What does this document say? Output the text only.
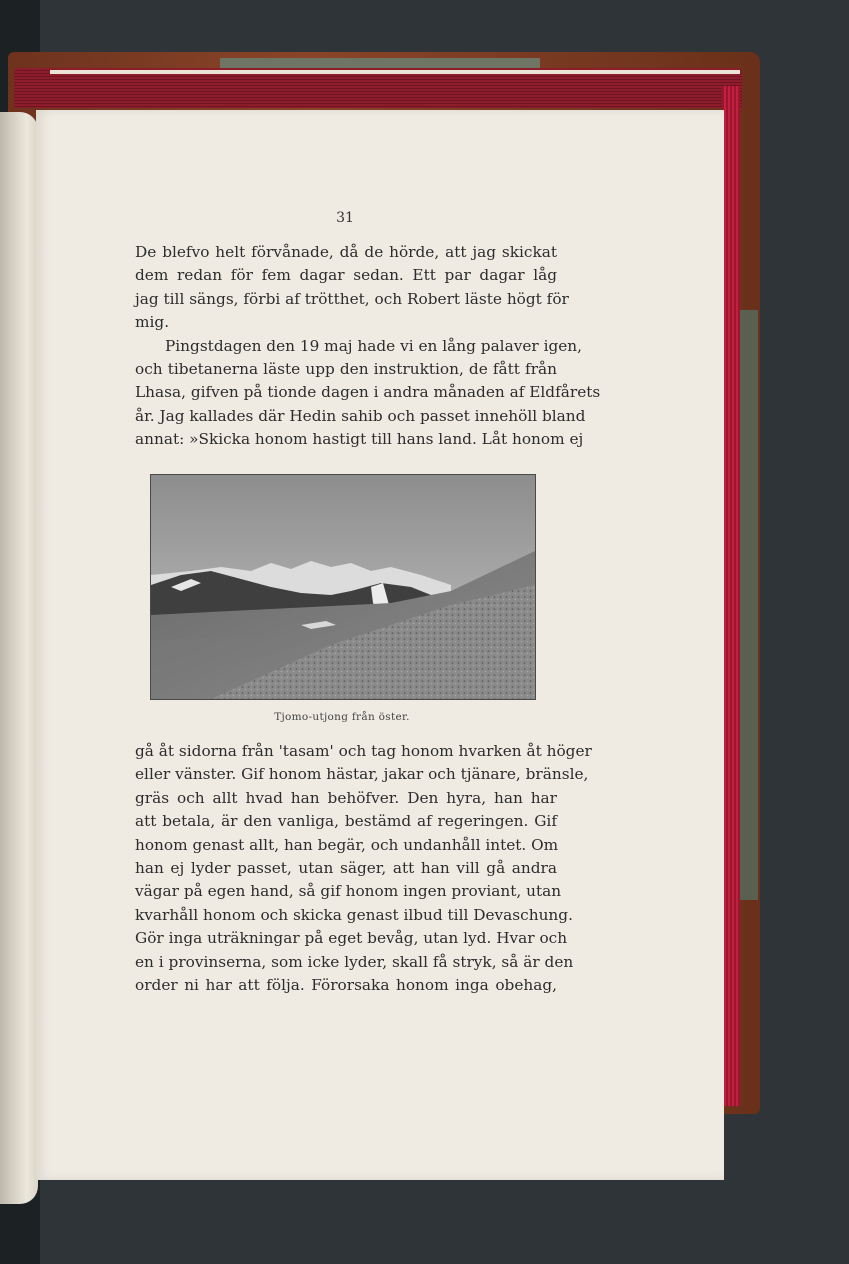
31
De blefvo helt förvånade, då de hörde, att jag skickat
dem redan för fem dagar sedan. Ett par dagar låg
jag till sängs, förbi af trötthet, och Robert läste högt för
mig.
Pingstdagen den 19 maj hade vi en lång palaver igen,
och tibetanerna läste upp den instruktion, de fått från
Lhasa, gifven på tionde dagen i andra månaden af Eldfårets
år. Jag kallades där Hedin sahib och passet innehöll bland
annat: »Skicka honom hastigt till hans land. Låt honom ej
Tjomo-utjong från öster.
gå åt sidorna från 'tasam' och tag honom hvarken åt höger
eller vänster. Gif honom hästar, jakar och tjänare, bränsle,
gräs och allt hvad han behöfver. Den hyra, han har
att betala, är den vanliga, bestämd af regeringen. Gif
honom genast allt, han begär, och undanhåll intet. Om
han ej lyder passet, utan säger, att han vill gå andra
vägar på egen hand, så gif honom ingen proviant, utan
kvarhåll honom och skicka genast ilbud till Devaschung.
Gör inga uträkningar på eget bevåg, utan lyd. Hvar och
en i provinserna, som icke lyder, skall få stryk, så är den
order ni har att följa. Förorsaka honom inga obehag,
